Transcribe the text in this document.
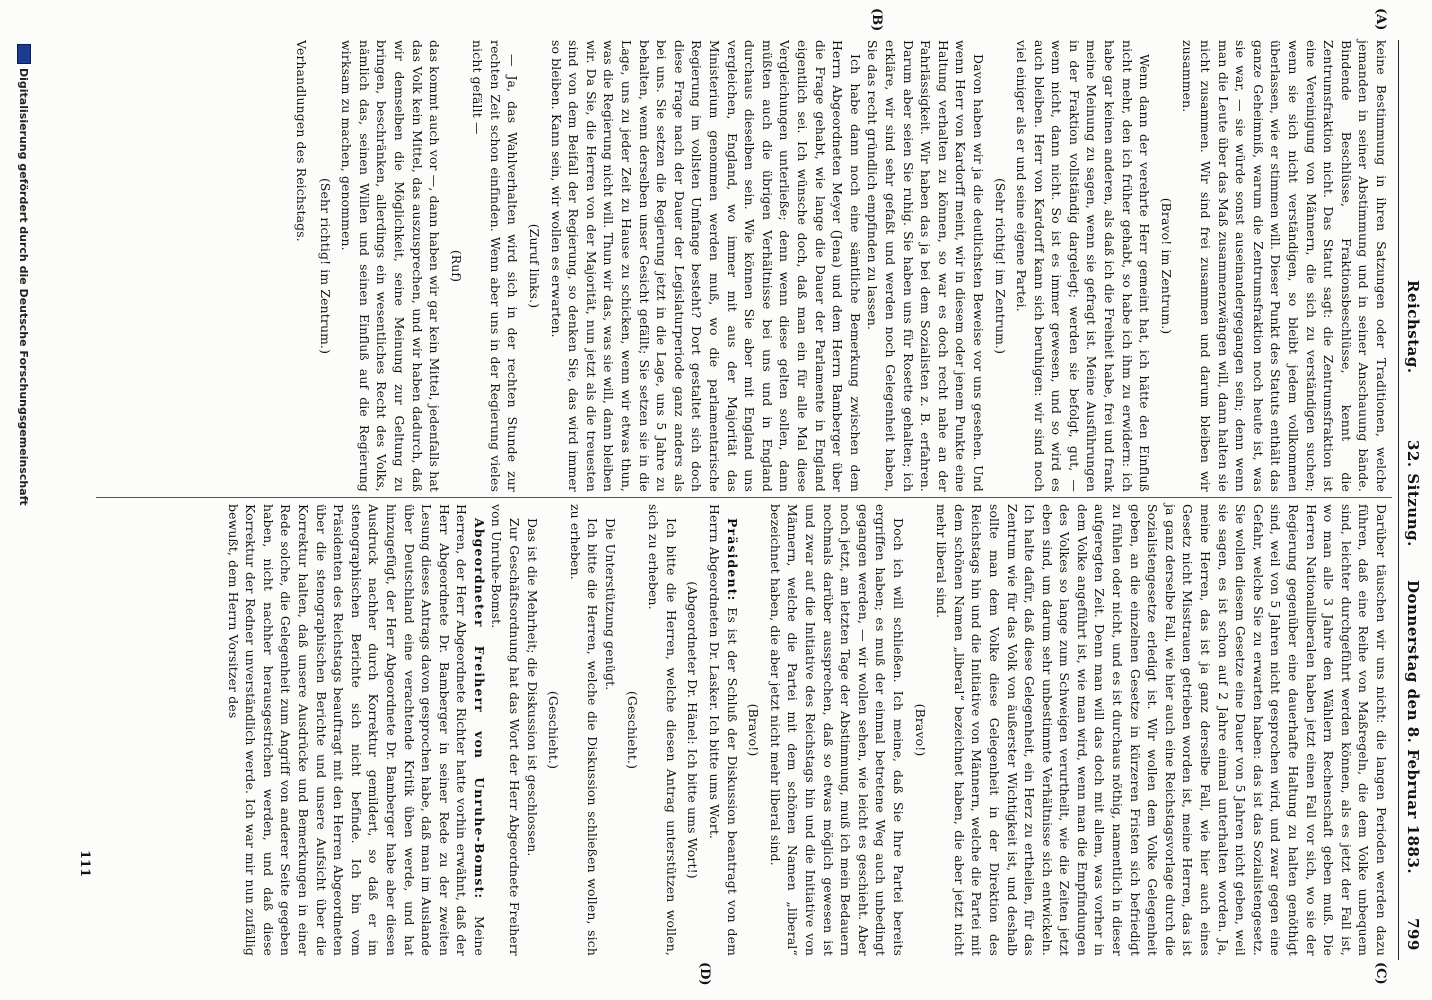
Reichstag.
32. Sitzung.
Donnerstag den 8. Februar 1883.
799
(A)
(B)
(C)
(D)

keine Bestimmung in ihren Satzungen oder Traditionen, welche jemanden in seiner Abstimmung und in seiner Anschauung bände. Bindende Beschlüsse, Fraktionsbeschlüsse, kennt die Zentrumsfraktion nicht. Das Statut sagt: die Zentrumsfraktion ist eine Vereinigung von Männern, die sich zu verständigen suchen; wenn sie sich nicht verständigen, so bleibt jedem vollkommen überlassen, wie er stimmen will. Dieser Punkt des Statuts enthält das ganze Geheimniß, warum die Zentrumsfraktion noch heute ist, was sie war, — sie würde sonst auseinandergegangen sein; denn wenn man die Leute über das Maß zusammenzwängen will, dann halten sie nicht zusammen. Wir sind frei zusammen und darum bleiben wir zusammen.

(Bravo! im Zentrum.)

Wenn dann der verehrte Herr gemeint hat, ich hätte den Einfluß nicht mehr, den ich früher gehabt, so habe ich ihm zu erwidern: ich habe gar keinen anderen, als daß ich die Freiheit habe, frei und frank meine Meinung zu sagen, wenn sie gefragt ist. Meine Ausführungen in der Fraktion vollständig dargelegt; werden sie befolgt, gut, — wenn nicht, dann nicht. So ist es immer gewesen, und so wird es auch bleiben. Herr von Kardorff kann sich beruhigen: wir sind noch viel einiger als er und seine eigene Partei.

(Sehr richtig! im Zentrum.)

Davon haben wir ja die deutlichsten Beweise vor uns gesehen. Und wenn Herr von Kardorff meint, wir in diesem oder jenem Punkte eine Haltung verhalten zu können, so war es doch recht nahe an der Fahrlässigkeit. Wir haben das ja bei dem Sozialisten z. B. erfahren. Darum aber seien Sie ruhig. Sie haben uns für Rosette gehalten; ich erkläre, wir sind sehr gefaßt und werden noch Gelegenheit haben, Sie das recht gründlich empfinden zu lassen.

Ich habe dann noch eine sämtliche Bemerkung zwischen dem Herrn Abgeordneten Meyer (Jena) und dem Herrn Bamberger über die Frage gehabt, wie lange die Dauer der Parlamente in England eigentlich sei. Ich wünsche doch, daß man ein für alle Mal diese Vergleichungen unterließe; denn wenn diese gelten sollen, dann müßten auch die übrigen Verhältnisse bei uns und in England durchaus dieselben sein. Wie können Sie aber mit England uns vergleichen, England, wo immer mit aus der Majorität das Ministerium genommen werden muß, wo die parlamentarische Regierung im vollsten Umfange besteht? Dort gestaltet sich doch diese Frage nach der Dauer der Legislaturperiode ganz anders als bei uns. Sie setzen die Regierung jetzt in die Lage, uns 5 Jahre zu behalten, wenn derselben unser Gesicht gefällt; Sie setzen sie in die Lage, uns zu jeder Zeit zu Hause zu schicken, wenn wir etwas thun, was die Regierung nicht will. Thun wir das, was sie will, dann bleiben wir. Da Sie, die Herren von der Majorität, nun jetzt als die treuesten sind von dem Beifall der Regierung, so denken Sie, das wird immer so bleiben. Kann sein, wir wollen es erwarten.

(Zuruf links.)

— Ja, das Wahlverhalten wird sich in der rechten Stunde zur rechten Zeit schon einfinden. Wenn aber uns in der Regierung vieles nicht gefällt —

(Ruf)

das kommt auch vor —, dann haben wir gar kein Mittel, jedenfalls hat das Volk kein Mittel, das auszusprechen, und wir haben dadurch, daß wir demselben die Möglichkeit, seine Meinung zur Geltung zu bringen, beschränken, allerdings ein wesentliches Recht des Volks, nämlich das, seinen Willen und seinen Einfluß auf die Regierung wirksam zu machen, genommen.

(Sehr richtig! im Zentrum.)

Verhandlungen des Reichstags.

Darüber täuschen wir uns nicht: die langen Perioden werden dazu führen, daß eine Reihe von Maßregeln, die dem Volke unbequem sind, leichter durchgeführt werden können, als es jetzt der Fall ist, wo man alle 3 Jahre den Wählern Rechenschaft geben muß. Die Herren Nationalliberalen haben jetzt einen Fall vor sich, wo sie der Regierung gegenüber eine dauerhafte Haltung zu halten genöthigt sind, weil von 5 Jahren nicht gesprochen wird, und zwar gegen eine Gefahr, welche Sie zu erwarten haben: das ist das Sozialistengesetz. Sie wollen diesem Gesetze eine Dauer von 5 Jahren nicht geben, weil sie sagen, es ist schon auf 2 Jahre einmal unterhalten worden. Ja, meine Herren, das ist ja ganz derselbe Fall, wie hier auch eines Gesetz nicht Misstrauen getrieben worden ist, meine Herren, das ist ja ganz derselbe Fall, wie hier auch eine Reichstagsvorlage durch die Sozialistengesetze erledigt ist. Wir wollen dem Volke Gelegenheit geben, an die einzelnen Gesetze in kürzeren Fristen sich befriedigt zu fühlen oder nicht, und es ist durchaus nöthig, namentlich in dieser aufgeregten Zeit. Denn man will das doch mit allem, was vorher in dem Volke angeführt ist, wie man wird, wenn man die Empfindungen des Volkes so lange zum Schweigen verurtheilt, wie die Zeiten jetzt eben sind, um darum sehr unbestimmte Verhältnisse sich entwickeln. Ich halte dafür, daß diese Gelegenheit, ein Herz zu ertheilen, für das Zentrum wie für das Volk von äußerster Wichtigkeit ist, und deshalb sollte man dem Volke diese Gelegenheit in der Direktion des Reichstags hin und die Initiative von Männern, welche die Partei mit dem schönen Namen „liberal“ bezeichnet haben, die aber jetzt nicht mehr liberal sind.

(Bravo!)

Doch ich will schließen. Ich meine, daß Sie Ihre Partei bereits ergriffen haben; es muß der einmal betretene Weg auch unbedingt gegangen werden, — wir wollen sehen, wie leicht es geschieht. Aber noch jetzt, am letzten Tage der Abstimmung, muß ich mein Bedauern nochmals darüber aussprechen, daß so etwas möglich gewesen ist und zwar auf die Initiative des Reichstags hin und die Initiative von Männern, welche die Partei mit dem schönen Namen „liberal“ bezeichnet haben, die aber jetzt nicht mehr liberal sind.

(Bravo!)

Präsident: Es ist der Schluß der Diskussion beantragt von dem Herrn Abgeordneten Dr. Lasker. Ich bitte ums Wort.

(Abgeordneter Dr. Hänel: Ich bitte ums Wort!)

Ich bitte die Herren, welche diesen Antrag unterstützen wollen, sich zu erheben.

(Geschieht.)

Die Unterstützung genügt.

Ich bitte die Herren, welche die Diskussion schließen wollen, sich zu erheben.

(Geschieht.)

Das ist die Mehrheit; die Diskussion ist geschlossen.

Zur Geschäftsordnung hat das Wort der Herr Abgeordnete Freiherr von Unruhe-Bomst.

Abgeordneter Freiherr von Unruhe-Bomst: Meine Herren, der Herr Abgeordnete Richter hatte vorhin erwähnt, daß der Herr Abgeordnete Dr. Bamberger in seiner Rede zu der zweiten Lesung dieses Antrags davon gesprochen habe, daß man im Auslande über Deutschland eine verachtende Kritik üben werde, und hat hinzugefügt, der Herr Abgeordnete Dr. Bamberger habe aber diesen Ausdruck nachher durch Korrektur gemildert, so daß er im stenographischen Berichte sich nicht befinde. Ich bin vom Präsidenten des Reichstags beauftragt mit den Herren Abgeordneten über die stenographischen Berichte und unsere Aufsicht über die Korrektur halten, daß unsere Ausdrücke und Bemerkungen in einer Rede solche, die Gelegenheit zum Angriff von anderer Seite gegeben haben, nicht nachher herausgestrichen werden, und daß diese Korrektur der Redner unverständlich werde. Ich war mir nun zufällig bewußt, dem Herrn Vorsitzer des

111
Digitalisierung gefördert durch die Deutsche Forschungsgemeinschaft
